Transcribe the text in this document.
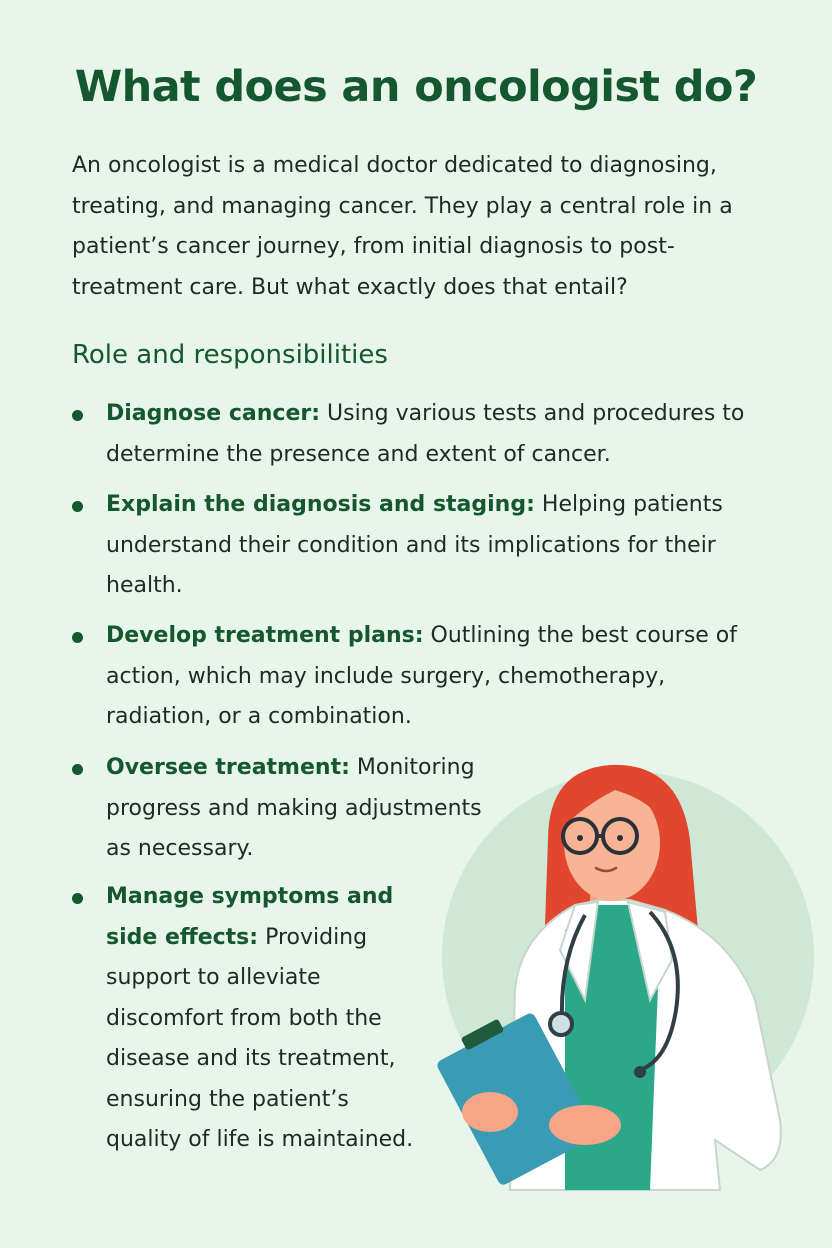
What does an oncologist do?

An oncologist is a medical doctor dedicated to diagnosing, treating, and managing cancer. They play a central role in a patient’s cancer journey, from initial diagnosis to post-treatment care. But what exactly does that entail?

Role and responsibilities
Diagnose cancer: Using various tests and procedures to determine the presence and extent of cancer.
Explain the diagnosis and staging: Helping patients understand their condition and its implications for their health.
Develop treatment plans: Outlining the best course of action, which may include surgery, chemotherapy, radiation, or a combination.
Oversee treatment: Monitoring progress and making adjustments as necessary.
Manage symptoms and side effects: Providing support to alleviate discomfort from both the disease and its treatment, ensuring the patient’s quality of life is maintained.
